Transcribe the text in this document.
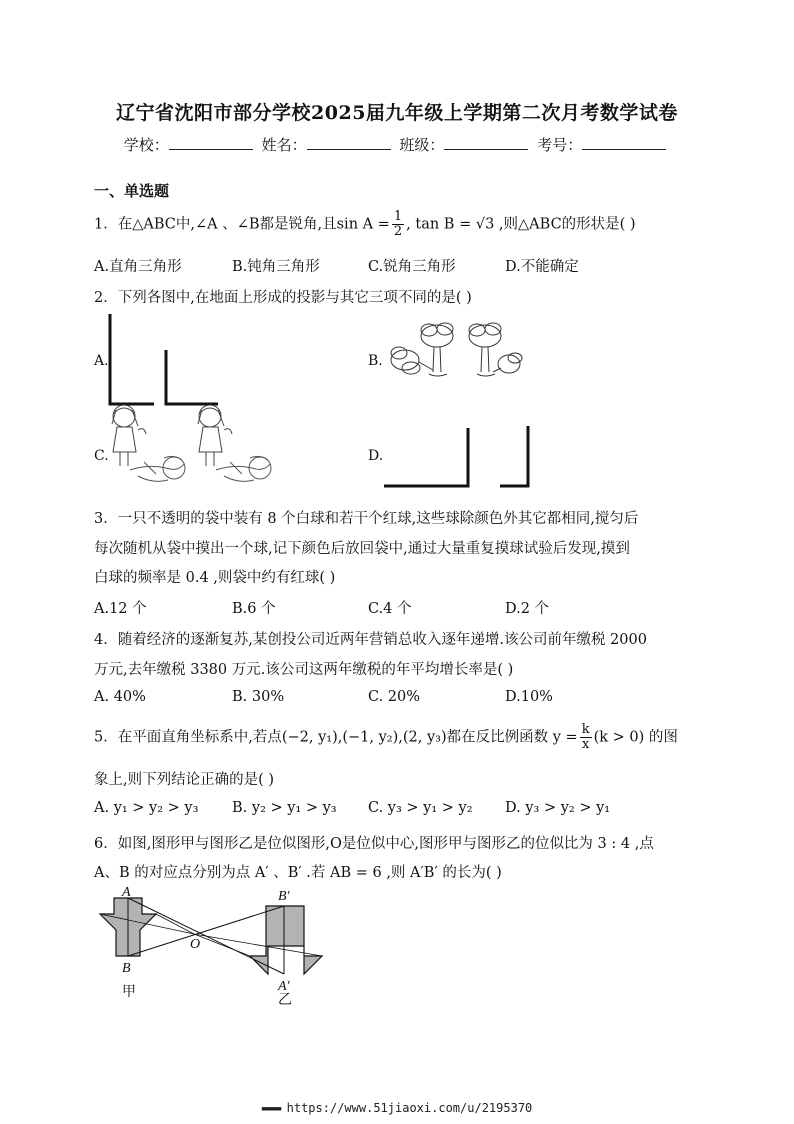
辽宁省沈阳市部分学校2025届九年级上学期第二次月考数学试卷
学校：	姓名：	班级：	考号：
一、单选题
1．在△ABC中,∠A 、∠B都是锐角,且$\sin A = \frac{1}{2}$ , tan B = √3 ,则△ABC的形状是( )
A.直角三角形	B.钝角三角形	C.锐角三角形	D.不能确定
2．下列各图中,在地面上形成的投影与其它三项不同的是( )
A.	B.
C.	D.
3．一只不透明的袋中装有 8 个白球和若干个红球,这些球除颜色外其它都相同,搅匀后
每次随机从袋中摸出一个球,记下颜色后放回袋中,通过大量重复摸球试验后发现,摸到
白球的频率是 0.4 ,则袋中约有红球( )
A.12 个	B.6 个	C.4 个	D.2 个
4．随着经济的逐渐复苏,某创投公司近两年营销总收入逐年递增.该公司前年缴税 2000
万元,去年缴税 3380 万元.该公司这两年缴税的年平均增长率是( )
A. 40%	B. 30%	C. 20%	D.10%
5．在平面直角坐标系中,若点(−2, y₁),(−1, y₂),(2, y₃)都在反比例函数 $y = \frac{k}{x} (k > 0)$ 的图
象上,则下列结论正确的是( )
A. y₁ > y₂ > y₃ B. y₂ > y₁ > y₃ C. y₃ > y₁ > y₂ D. y₃ > y₂ > y₁
6．如图,图形甲与图形乙是位似图形,O是位似中心,图形甲与图形乙的位似比为 3 : 4 ,点
A、B 的对应点分别为点 A′ 、B′ .若 AB = 6 ,则 A′B′ 的长为( )
A
B
O
B′
A′
甲	乙
▬▬▬ https://www.51jiaoxi.com/u/2195370
